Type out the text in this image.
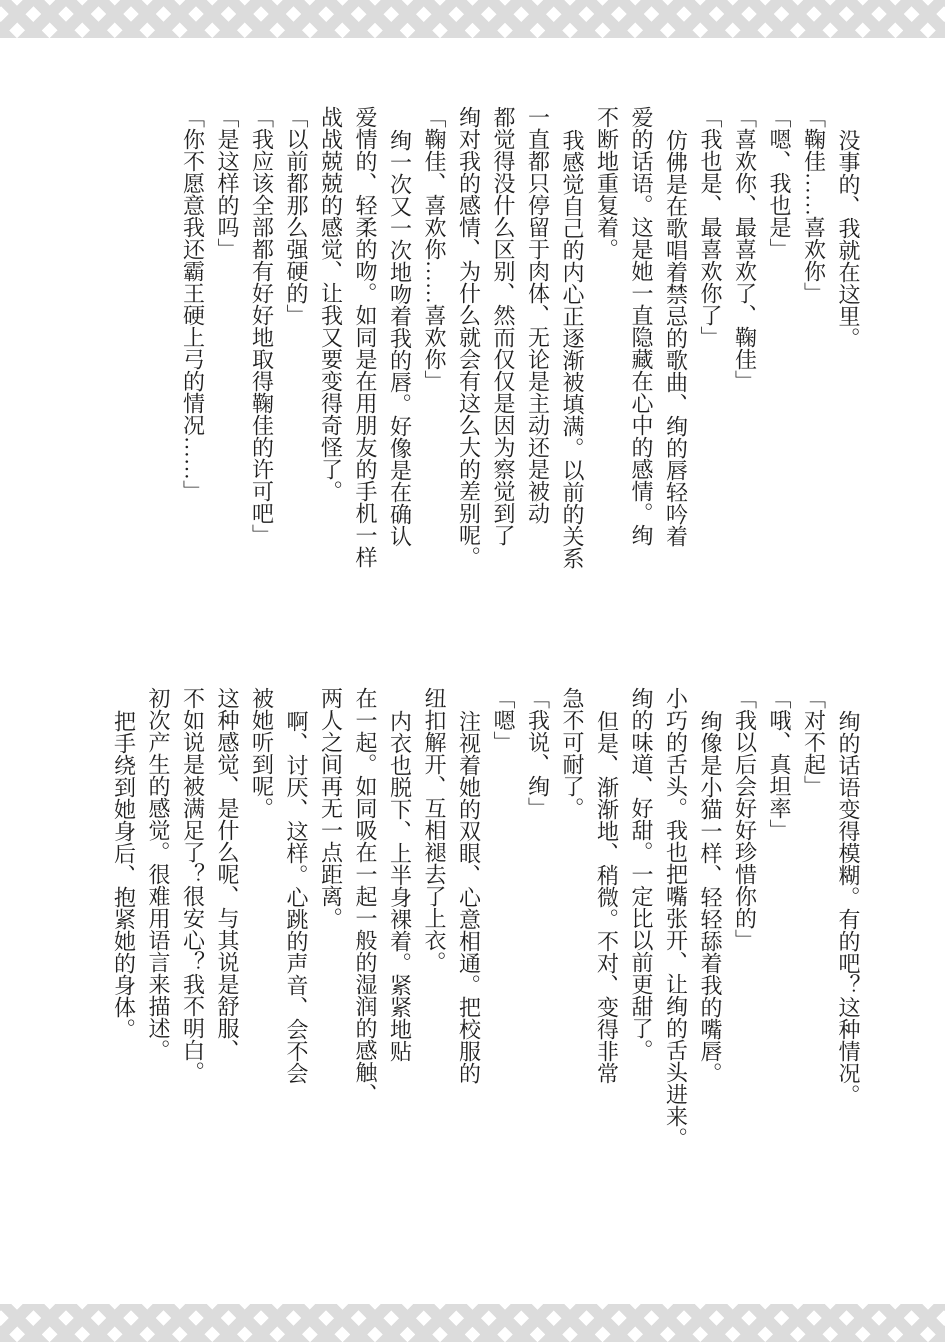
没事的、我就在这里。

「鞠佳……喜欢你」

「嗯、我也是」

「喜欢你、最喜欢了、鞠佳」

「我也是、最喜欢你了」

仿佛是在歌唱着禁忌的歌曲、绚的唇轻吟着

爱的话语。这是她一直隐藏在心中的感情。绚

不断地重复着。

我感觉自己的内心正逐渐被填满。以前的关系

一直都只停留于肉体、无论是主动还是被动

都觉得没什么区别、然而仅仅是因为察觉到了

绚对我的感情、为什么就会有这么大的差别呢。

「鞠佳、喜欢你……喜欢你」

绚一次又一次地吻着我的唇。好像是在确认

爱情的、轻柔的吻。如同是在用朋友的手机一样

战战兢兢的感觉、让我又要变得奇怪了。

「以前都那么强硬的」

「我应该全部都有好好地取得鞠佳的许可吧」

「是这样的吗」

「你不愿意我还霸王硬上弓的情况……」

绚的话语变得模糊。有的吧？这种情况。

「对不起」

「哦、真坦率」

「我以后会好好珍惜你的」

绚像是小猫一样、轻轻舔着我的嘴唇。

小巧的舌头。我也把嘴张开、让绚的舌头进来。

绚的味道、好甜。一定比以前更甜了。

但是、渐渐地、稍微。不对、变得非常

急不可耐了。

「我说、绚」

「嗯」

注视着她的双眼、心意相通。把校服的

纽扣解开、互相褪去了上衣。

内衣也脱下、上半身裸着。紧紧地贴

在一起。如同吸在一起一般的湿润的感触、

两人之间再无一点距离。

啊、讨厌、这样。心跳的声音、会不会

被她听到呢。

这种感觉、是什么呢、与其说是舒服、

不如说是被满足了？很安心？我不明白。

初次产生的感觉。很难用语言来描述。

把手绕到她身后、抱紧她的身体。
